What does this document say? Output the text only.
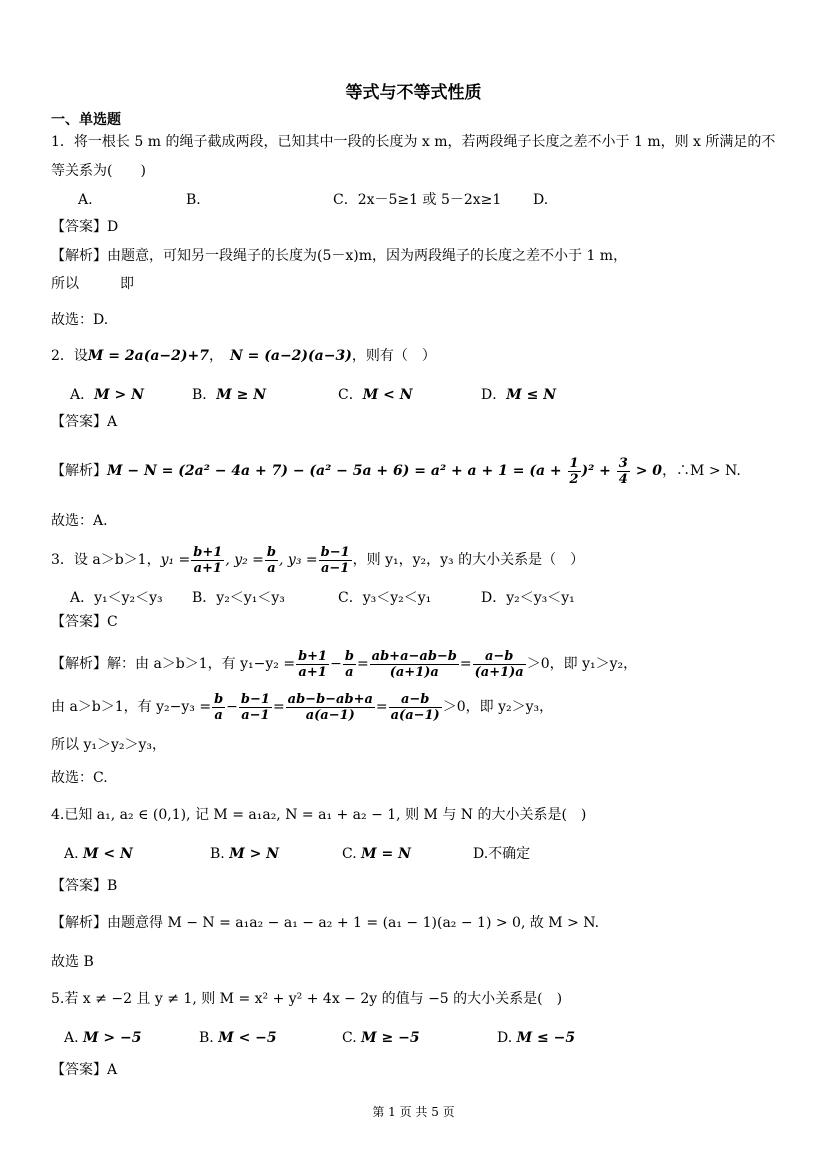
等式与不等式性质
一、单选题
1．将一根长 5 m 的绳子截成两段，已知其中一段的长度为 x m，若两段绳子长度之差不小于 1 m，则 x 所满足的不
等关系为(　　)
A.	B.	C．2x－5≥1 或 5－2x≥1 D.
【答案】D
【解析】由题意，可知另一段绳子的长度为(5－x)m，因为两段绳子的长度之差不小于 1 m，
所以	即
故选：D.
2．设M = 2a(a−2)+7，　N = (a−2)(a−3)，则有（　）
A．M > N	B．M ≥ N	C．M < N	D．M ≤ N
【答案】A
【解析】$M - N = (2a^2 - 4a + 7) - (a^2 - 5a + 6) = a^2 + a + 1 = (a + \frac{1}{2} )^2 + \frac{3}{4} > 0$，∴M > N.
故选：A.
3．设 a＞b＞1，$y_1 = \frac{b+1}{a+1}$ , $y_2 = \frac{b}{a}$ , $y_3 = \frac{b-1}{a-1}$ ，则 y₁，y₂，y₃ 的大小关系是（　）
A．y₁＜y₂＜y₃ B．y₂＜y₁＜y₃	C．y₃＜y₂＜y₁	D．y₂＜y₃＜y₁
【答案】C
【解析】解：由 a＞b＞1，有 $y_1-y_2 = \frac{b+1}{a+1} - \frac{b}{a} = \frac{ab+a-ab-b}{(a+1)a} = \frac{a-b}{(a+1)a} >0$，即 y₁＞y₂，
由 a＞b＞1，有 $y_2-y_3 = \frac{b}{a} - \frac{b-1}{a-1} = \frac{ab-b-ab+a}{a(a-1)} = \frac{a-b}{a(a-1)} >0$，即 y₂＞y₃，
所以 y₁＞y₂＞y₃，
故选：C.
4.已知 a₁, a₂ ∈ (0,1), 记 M = a₁a₂, N = a₁ + a₂ − 1, 则 M 与 N 的大小关系是(　)
A. M < N	B. M > N	C. M = N	D.不确定
【答案】B
【解析】由题意得 M − N = a₁a₂ − a₁ − a₂ + 1 = (a₁ − 1)(a₂ − 1) > 0, 故 M > N.
故选 B
5.若 x ≠ −2 且 y ≠ 1, 则 M = x² + y² + 4x − 2y 的值与 −5 的大小关系是(　)
A. M > −5	B. M < −5	C. M ≥ −5	D. M ≤ −5
【答案】A
第 1 页 共 5 页
